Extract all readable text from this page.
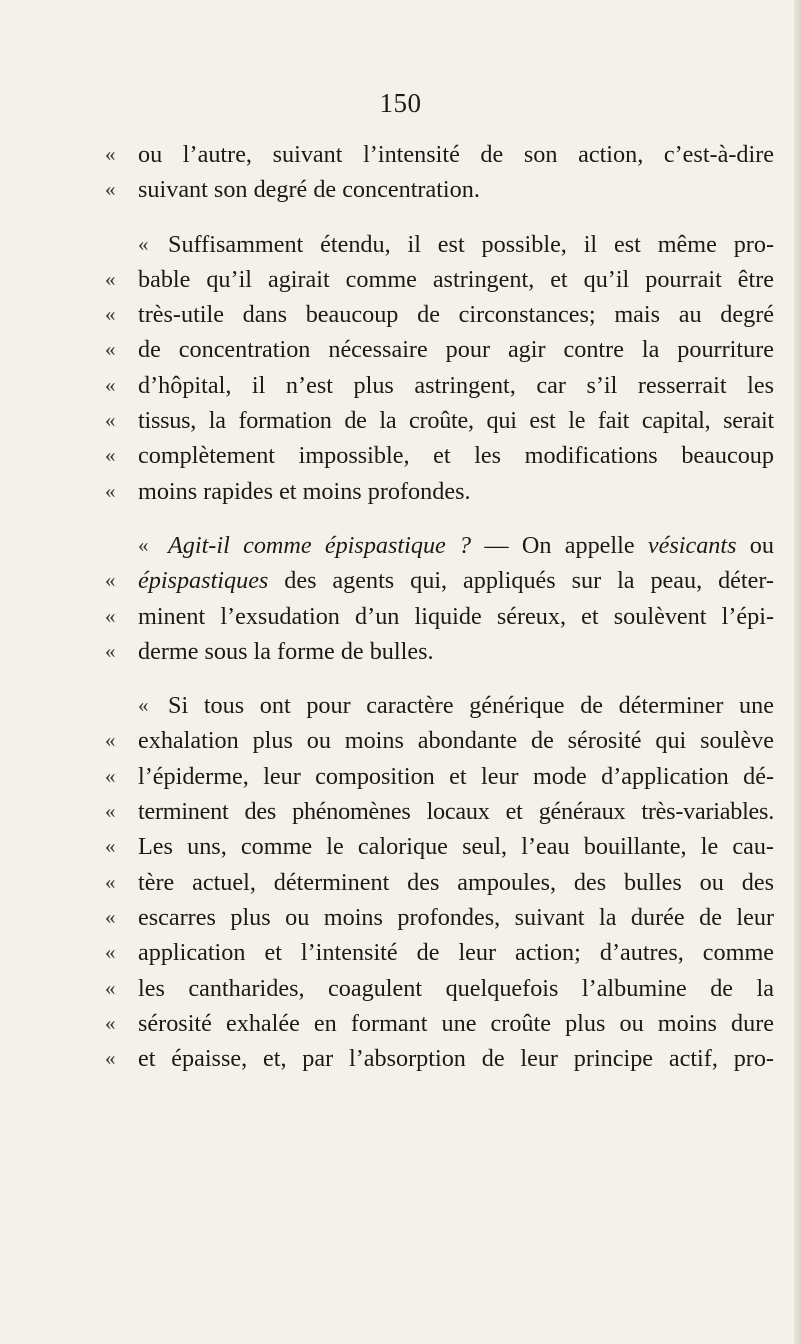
150
« ou l’autre, suivant l’intensité de son action, c’est-à-dire
« suivant son degré de concentration.
« Suffisamment étendu, il est possible, il est même pro-
« bable qu’il agirait comme astringent, et qu’il pourrait être
« très-utile dans beaucoup de circonstances; mais au degré
« de concentration nécessaire pour agir contre la pourriture
« d’hôpital, il n’est plus astringent, car s’il resserrait les
« tissus, la formation de la croûte, qui est le fait capital, serait
« complètement impossible, et les modifications beaucoup
« moins rapides et moins profondes.
« Agit-il comme épispastique ? — On appelle vésicants ou
« épispastiques des agents qui, appliqués sur la peau, déter-
« minent l’exsudation d’un liquide séreux, et soulèvent l’épi-
« derme sous la forme de bulles.
« Si tous ont pour caractère générique de déterminer une
« exhalation plus ou moins abondante de sérosité qui soulève
« l’épiderme, leur composition et leur mode d’application dé-
« terminent des phénomènes locaux et généraux très-variables.
« Les uns, comme le calorique seul, l’eau bouillante, le cau-
« tère actuel, déterminent des ampoules, des bulles ou des
« escarres plus ou moins profondes, suivant la durée de leur
« application et l’intensité de leur action; d’autres, comme
« les cantharides, coagulent quelquefois l’albumine de la
« sérosité exhalée en formant une croûte plus ou moins dure
« et épaisse, et, par l’absorption de leur principe actif, pro-
